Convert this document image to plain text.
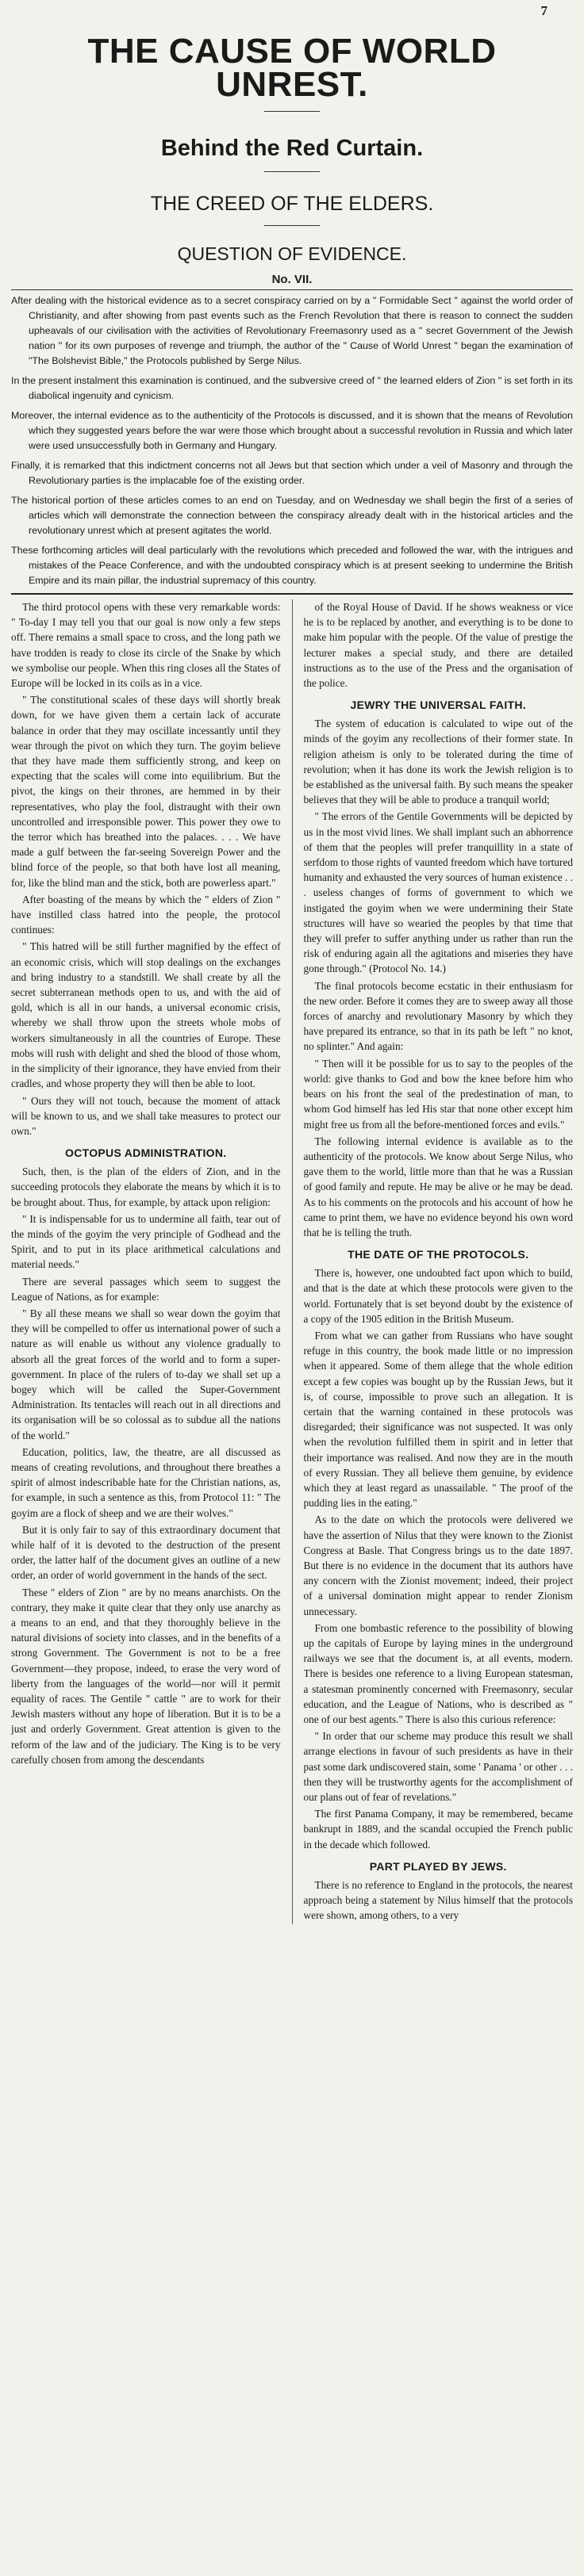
7
THE CAUSE OF WORLD UNREST.
Behind the Red Curtain.
THE CREED OF THE ELDERS.
QUESTION OF EVIDENCE.
No. VII.

After dealing with the historical evidence as to a secret conspiracy carried on by a " Formidable Sect " against the world order of Christianity, and after showing from past events such as the French Revolution that there is reason to connect the sudden upheavals of our civilisation with the activities of Revolutionary Freemasonry used as a " secret Government of the Jewish nation " for its own purposes of revenge and triumph, the author of the " Cause of World Unrest " began the examination of "The Bolshevist Bible," the Protocols published by Serge Nilus.

In the present instalment this examination is continued, and the subversive creed of " the learned elders of Zion " is set forth in its diabolical ingenuity and cynicism.

Moreover, the internal evidence as to the authenticity of the Protocols is discussed, and it is shown that the means of Revolution which they suggested years before the war were those which brought about a successful revolution in Russia and which later were used unsuccessfully both in Germany and Hungary.

Finally, it is remarked that this indictment concerns not all Jews but that section which under a veil of Masonry and through the Revolutionary parties is the implacable foe of the existing order.

The historical portion of these articles comes to an end on Tuesday, and on Wednesday we shall begin the first of a series of articles which will demonstrate the connection between the conspiracy already dealt with in the historical articles and the revolutionary unrest which at present agitates the world.

These forthcoming articles will deal particularly with the revolutions which preceded and followed the war, with the intrigues and mistakes of the Peace Conference, and with the undoubted conspiracy which is at present seeking to undermine the British Empire and its main pillar, the industrial supremacy of this country.

The third protocol opens with these very remarkable words: " To-day I may tell you that our goal is now only a few steps off. There remains a small space to cross, and the long path we have trodden is ready to close its circle of the Snake by which we symbolise our people. When this ring closes all the States of Europe will be locked in its coils as in a vice.

" The constitutional scales of these days will shortly break down, for we have given them a certain lack of accurate balance in order that they may oscillate incessantly until they wear through the pivot on which they turn. The goyim believe that they have made them sufficiently strong, and keep on expecting that the scales will come into equilibrium. But the pivot, the kings on their thrones, are hemmed in by their representatives, who play the fool, distraught with their own uncontrolled and irresponsible power. This power they owe to the terror which has breathed into the palaces. . . . We have made a gulf between the far-seeing Sovereign Power and the blind force of the people, so that both have lost all meaning, for, like the blind man and the stick, both are powerless apart."

After boasting of the means by which the " elders of Zion " have instilled class hatred into the people, the protocol continues:

" This hatred will be still further magnified by the effect of an economic crisis, which will stop dealings on the exchanges and bring industry to a standstill. We shall create by all the secret subterranean methods open to us, and with the aid of gold, which is all in our hands, a universal economic crisis, whereby we shall throw upon the streets whole mobs of workers simultaneously in all the countries of Europe. These mobs will rush with delight and shed the blood of those whom, in the simplicity of their ignorance, they have envied from their cradles, and whose property they will then be able to loot.

" Ours they will not touch, because the moment of attack will be known to us, and we shall take measures to protect our own."

OCTOPUS ADMINISTRATION.

Such, then, is the plan of the elders of Zion, and in the succeeding protocols they elaborate the means by which it is to be brought about. Thus, for example, by attack upon religion:

" It is indispensable for us to undermine all faith, tear out of the minds of the goyim the very principle of Godhead and the Spirit, and to put in its place arithmetical calculations and material needs."

There are several passages which seem to suggest the League of Nations, as for example:

" By all these means we shall so wear down the goyim that they will be compelled to offer us international power of such a nature as will enable us without any violence gradually to absorb all the great forces of the world and to form a super-government. In place of the rulers of to-day we shall set up a bogey which will be called the Super-Government Administration. Its tentacles will reach out in all directions and its organisation will be so colossal as to subdue all the nations of the world."

Education, politics, law, the theatre, are all discussed as means of creating revolutions, and throughout there breathes a spirit of almost indescribable hate for the Christian nations, as, for example, in such a sentence as this, from Protocol 11: " The goyim are a flock of sheep and we are their wolves."

But it is only fair to say of this extraordinary document that while half of it is devoted to the destruction of the present order, the latter half of the document gives an outline of a new order, an order of world government in the hands of the sect.

These " elders of Zion " are by no means anarchists. On the contrary, they make it quite clear that they only use anarchy as a means to an end, and that they thoroughly believe in the natural divisions of society into classes, and in the benefits of a strong Government. The Government is not to be a free Government—they propose, indeed, to erase the very word of liberty from the languages of the world—nor will it permit equality of races. The Gentile " cattle " are to work for their Jewish masters without any hope of liberation. But it is to be a just and orderly Government. Great attention is given to the reform of the law and of the judiciary. The King is to be very carefully chosen from among the descendants

of the Royal House of David. If he shows weakness or vice he is to be replaced by another, and everything is to be done to make him popular with the people. Of the value of prestige the lecturer makes a special study, and there are detailed instructions as to the use of the Press and the organisation of the police.

JEWRY THE UNIVERSAL FAITH.

The system of education is calculated to wipe out of the minds of the goyim any recollections of their former state. In religion atheism is only to be tolerated during the time of revolution; when it has done its work the Jewish religion is to be established as the universal faith. By such means the speaker believes that they will be able to produce a tranquil world;

" The errors of the Gentile Governments will be depicted by us in the most vivid lines. We shall implant such an abhorrence of them that the peoples will prefer tranquillity in a state of serfdom to those rights of vaunted freedom which have tortured humanity and exhausted the very sources of human existence . . . useless changes of forms of government to which we instigated the goyim when we were undermining their State structures will have so wearied the peoples by that time that they will prefer to suffer anything under us rather than run the risk of enduring again all the agitations and miseries they have gone through." (Protocol No. 14.)

The final protocols become ecstatic in their enthusiasm for the new order. Before it comes they are to sweep away all those forces of anarchy and revolutionary Masonry by which they have prepared its entrance, so that in its path be left " no knot, no splinter." And again:

" Then will it be possible for us to say to the peoples of the world: give thanks to God and bow the knee before him who bears on his front the seal of the predestination of man, to whom God himself has led His star that none other except him might free us from all the before-mentioned forces and evils."

The following internal evidence is available as to the authenticity of the protocols. We know about Serge Nilus, who gave them to the world, little more than that he was a Russian of good family and repute. He may be alive or he may be dead. As to his comments on the protocols and his account of how he came to print them, we have no evidence beyond his own word that he is telling the truth.

THE DATE OF THE PROTOCOLS.

There is, however, one undoubted fact upon which to build, and that is the date at which these protocols were given to the world. Fortunately that is set beyond doubt by the existence of a copy of the 1905 edition in the British Museum.

From what we can gather from Russians who have sought refuge in this country, the book made little or no impression when it appeared. Some of them allege that the whole edition except a few copies was bought up by the Russian Jews, but it is, of course, impossible to prove such an allegation. It is certain that the warning contained in these protocols was disregarded; their significance was not suspected. It was only when the revolution fulfilled them in spirit and in letter that their importance was realised. And now they are in the mouth of every Russian. They all believe them genuine, by evidence which they at least regard as unassailable. " The proof of the pudding lies in the eating."

As to the date on which the protocols were delivered we have the assertion of Nilus that they were known to the Zionist Congress at Basle. That Congress brings us to the date 1897. But there is no evidence in the document that its authors have any concern with the Zionist movement; indeed, their project of a universal domination might appear to render Zionism unnecessary.

From one bombastic reference to the possibility of blowing up the capitals of Europe by laying mines in the underground railways we see that the document is, at all events, modern. There is besides one reference to a living European statesman, a statesman prominently concerned with Freemasonry, secular education, and the League of Nations, who is described as " one of our best agents." There is also this curious reference:

" In order that our scheme may produce this result we shall arrange elections in favour of such presidents as have in their past some dark undiscovered stain, some ' Panama ' or other . . . then they will be trustworthy agents for the accomplishment of our plans out of fear of revelations."

The first Panama Company, it may be remembered, became bankrupt in 1889, and the scandal occupied the French public in the decade which followed.

PART PLAYED BY JEWS.

There is no reference to England in the protocols, the nearest approach being a statement by Nilus himself that the protocols were shown, among others, to a very
